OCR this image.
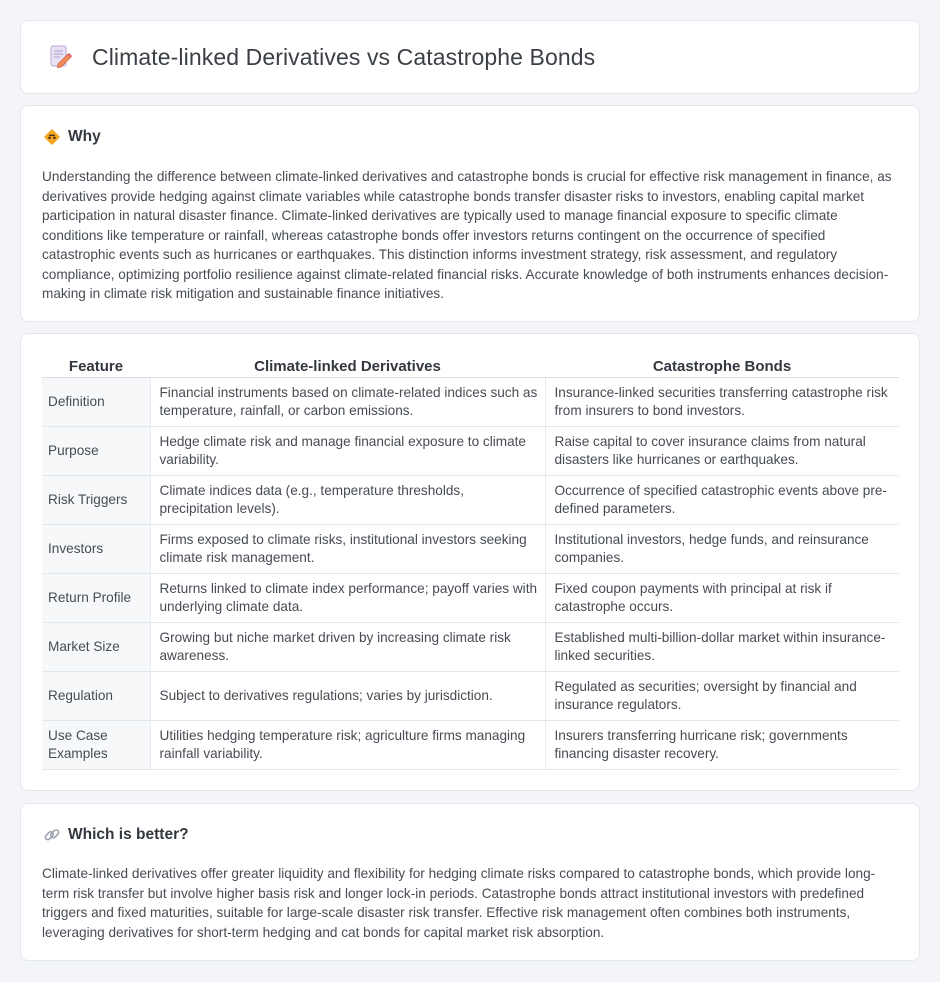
Climate-linked Derivatives vs Catastrophe Bonds
Why

Understanding the difference between climate-linked derivatives and catastrophe bonds is crucial for effective risk management in finance, as derivatives provide hedging against climate variables while catastrophe bonds transfer disaster risks to investors, enabling capital market participation in natural disaster finance. Climate-linked derivatives are typically used to manage financial exposure to specific climate conditions like temperature or rainfall, whereas catastrophe bonds offer investors returns contingent on the occurrence of specified catastrophic events such as hurricanes or earthquakes. This distinction informs investment strategy, risk assessment, and regulatory compliance, optimizing portfolio resilience against climate-related financial risks. Accurate knowledge of both instruments enhances decision-making in climate risk mitigation and sustainable finance initiatives.

Feature	Climate-linked Derivatives	Catastrophe Bonds
Definition	Financial instruments based on climate-related indices such as temperature, rainfall, or carbon emissions.	Insurance-linked securities transferring catastrophe risk from insurers to bond investors.
Purpose	Hedge climate risk and manage financial exposure to climate variability.	Raise capital to cover insurance claims from natural disasters like hurricanes or earthquakes.
Risk Triggers	Climate indices data (e.g., temperature thresholds, precipitation levels).	Occurrence of specified catastrophic events above pre-defined parameters.
Investors	Firms exposed to climate risks, institutional investors seeking climate risk management.	Institutional investors, hedge funds, and reinsurance companies.
Return Profile	Returns linked to climate index performance; payoff varies with underlying climate data.	Fixed coupon payments with principal at risk if catastrophe occurs.
Market Size	Growing but niche market driven by increasing climate risk awareness.	Established multi-billion-dollar market within insurance-linked securities.
Regulation	Subject to derivatives regulations; varies by jurisdiction.	Regulated as securities; oversight by financial and insurance regulators.
Use Case Examples	Utilities hedging temperature risk; agriculture firms managing rainfall variability.	Insurers transferring hurricane risk; governments financing disaster recovery.
Which is better?

Climate-linked derivatives offer greater liquidity and flexibility for hedging climate risks compared to catastrophe bonds, which provide long-term risk transfer but involve higher basis risk and longer lock-in periods. Catastrophe bonds attract institutional investors with predefined triggers and fixed maturities, suitable for large-scale disaster risk transfer. Effective risk management often combines both instruments, leveraging derivatives for short-term hedging and cat bonds for capital market risk absorption.
